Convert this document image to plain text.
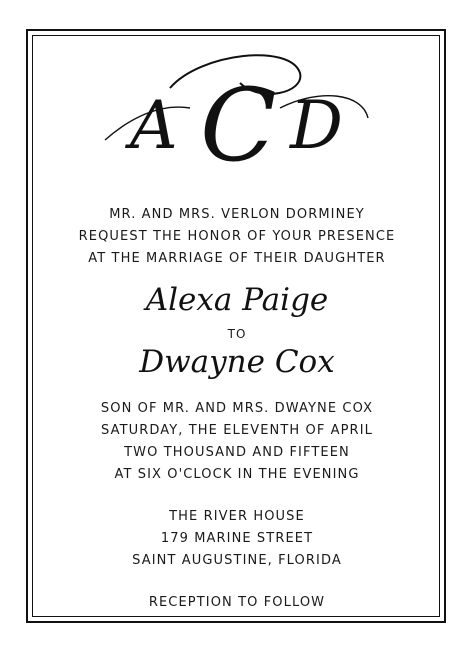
A C D
MR. AND MRS. VERLON DORMINEY
REQUEST THE HONOR OF YOUR PRESENCE
AT THE MARRIAGE OF THEIR DAUGHTER
Alexa Paige
TO
Dwayne Cox
SON OF MR. AND MRS. DWAYNE COX
SATURDAY, THE ELEVENTH OF APRIL
TWO THOUSAND AND FIFTEEN
AT SIX O'CLOCK IN THE EVENING
THE RIVER HOUSE
179 MARINE STREET
SAINT AUGUSTINE, FLORIDA
RECEPTION TO FOLLOW
